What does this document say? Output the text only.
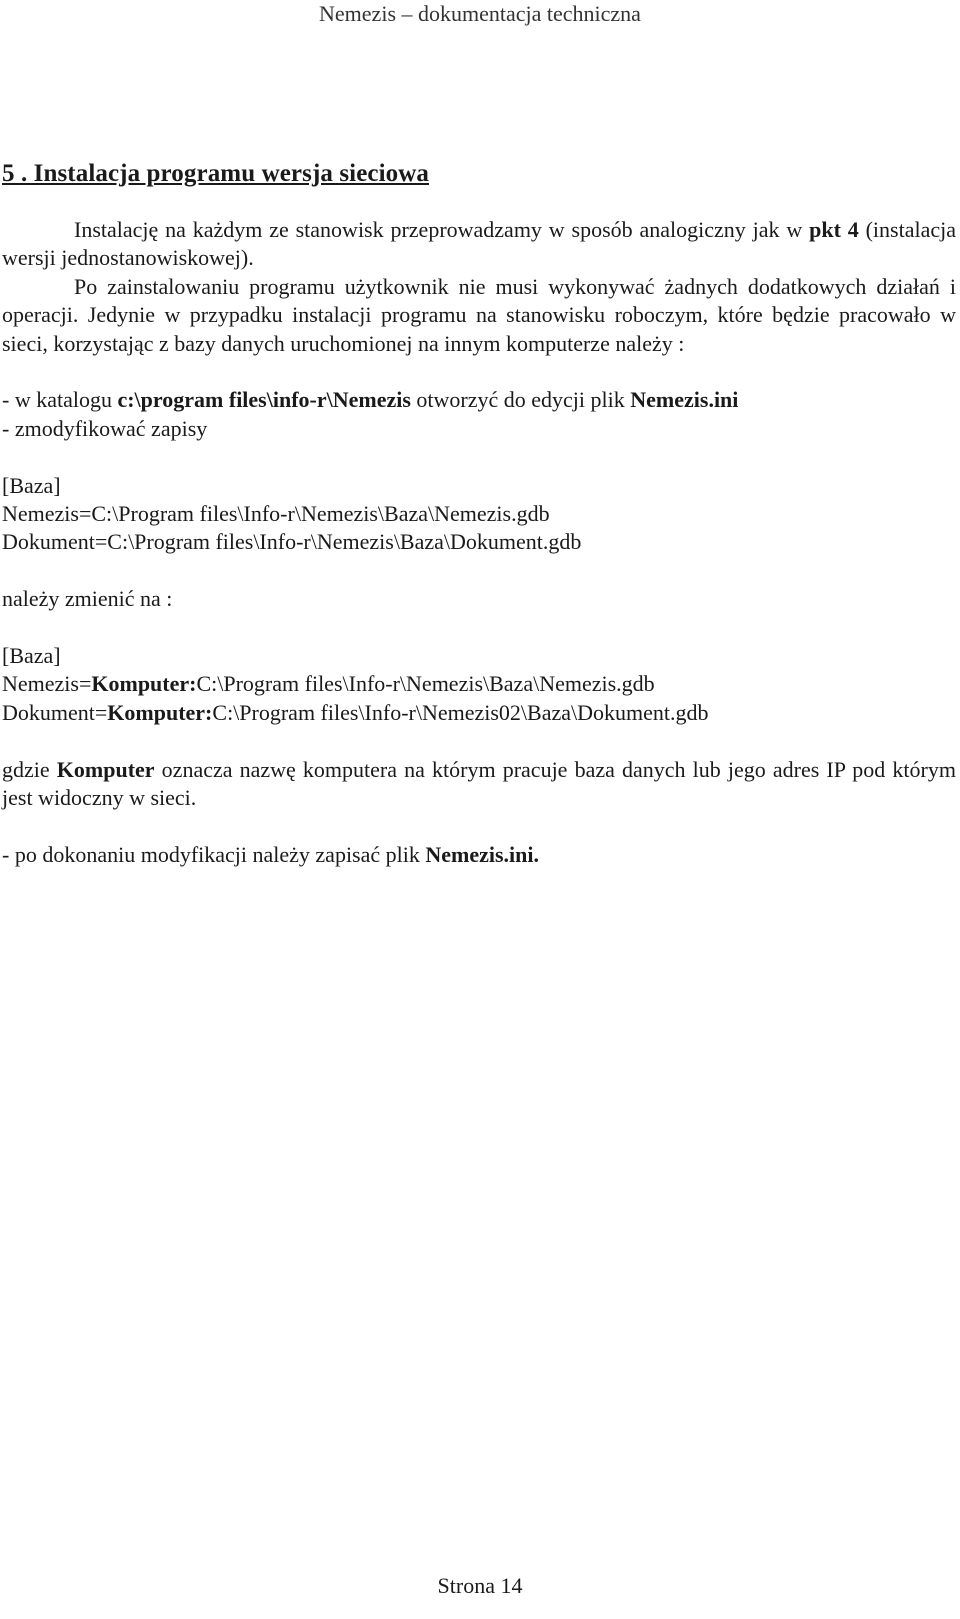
Nemezis – dokumentacja techniczna
5 . Instalacja programu wersja sieciowa

Instalację na każdym ze stanowisk przeprowadzamy w sposób analogiczny jak w pkt 4 (instalacja wersji jednostanowiskowej).

Po zainstalowaniu programu użytkownik nie musi wykonywać żadnych dodatkowych działań i operacji. Jedynie w przypadku instalacji programu na stanowisku roboczym, które będzie pracowało w sieci, korzystając z bazy danych uruchomionej na innym komputerze należy :

- w katalogu c:\program files\info-r\Nemezis otworzyć do edycji plik Nemezis.ini

- zmodyfikować zapisy

[Baza]

Nemezis=C:\Program files\Info-r\Nemezis\Baza\Nemezis.gdb

Dokument=C:\Program files\Info-r\Nemezis\Baza\Dokument.gdb

należy zmienić na :

[Baza]

Nemezis=Komputer:C:\Program files\Info-r\Nemezis\Baza\Nemezis.gdb

Dokument=Komputer:C:\Program files\Info-r\Nemezis02\Baza\Dokument.gdb

gdzie Komputer oznacza nazwę komputera na którym pracuje baza danych lub jego adres IP pod którym jest widoczny w sieci.

- po dokonaniu modyfikacji należy zapisać plik Nemezis.ini.

Strona 14
